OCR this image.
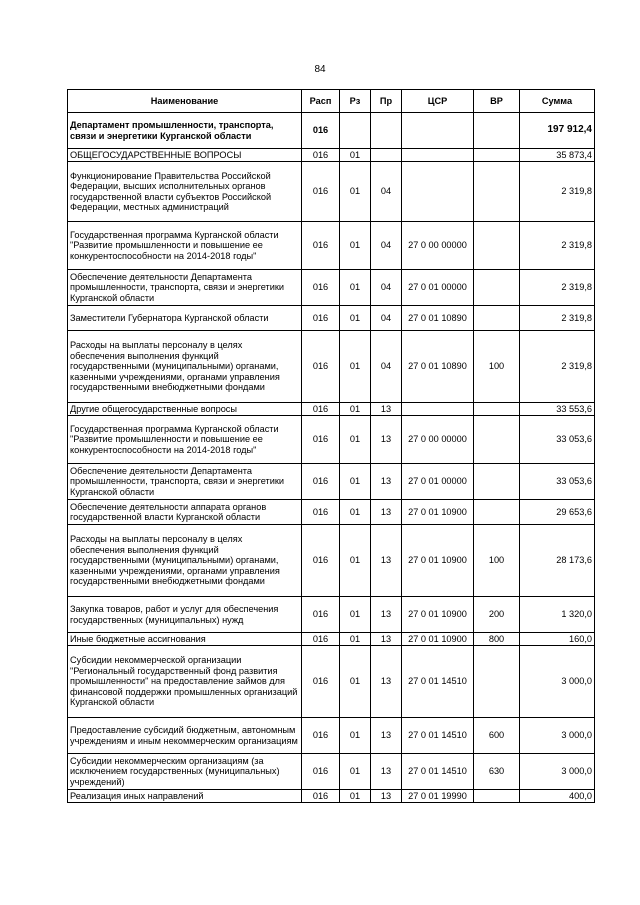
84
Наименование	Расп	Рз	Пр	ЦСР	ВР	Сумма
Департамент промышленности, транспорта, связи и энергетики Курганской области	016					197 912,4
ОБЩЕГОСУДАРСТВЕННЫЕ ВОПРОСЫ	016	01				35 873,4
Функционирование Правительства Российской Федерации, высших исполнительных органов государственной власти субъектов Российской Федерации, местных администраций	016	01	04			2 319,8
Государственная программа Курганской области "Развитие промышленности и повышение ее конкурентоспособности на 2014-2018 годы"	016	01	04	27 0 00 00000		2 319,8
Обеспечение деятельности Департамента промышленности, транспорта, связи и энергетики Курганской области	016	01	04	27 0 01 00000		2 319,8
Заместители Губернатора Курганской области	016	01	04	27 0 01 10890		2 319,8
Расходы на выплаты персоналу в целях обеспечения выполнения функций государственными (муниципальными) органами, казенными учреждениями, органами управления государственными внебюджетными фондами	016	01	04	27 0 01 10890	100	2 319,8
Другие общегосударственные вопросы	016	01	13			33 553,6
Государственная программа Курганской области "Развитие промышленности и повышение ее конкурентоспособности на 2014-2018 годы"	016	01	13	27 0 00 00000		33 053,6
Обеспечение деятельности Департамента промышленности, транспорта, связи и энергетики Курганской области	016	01	13	27 0 01 00000		33 053,6
Обеспечение деятельности аппарата органов государственной власти Курганской области	016	01	13	27 0 01 10900		29 653,6
Расходы на выплаты персоналу в целях обеспечения выполнения функций государственными (муниципальными) органами, казенными учреждениями, органами управления государственными внебюджетными фондами	016	01	13	27 0 01 10900	100	28 173,6
Закупка товаров, работ и услуг для обеспечения государственных (муниципальных) нужд	016	01	13	27 0 01 10900	200	1 320,0
Иные бюджетные ассигнования	016	01	13	27 0 01 10900	800	160,0
Субсидии некоммерческой организации "Региональный государственный фонд развития промышленности" на предоставление займов для финансовой поддержки промышленных организаций Курганской области	016	01	13	27 0 01 14510		3 000,0
Предоставление субсидий бюджетным, автономным учреждениям и иным некоммерческим организациям	016	01	13	27 0 01 14510	600	3 000,0
Субсидии некоммерческим организациям (за исключением государственных (муниципальных) учреждений)	016	01	13	27 0 01 14510	630	3 000,0
Реализация иных направлений	016	01	13	27 0 01 19990		400,0
